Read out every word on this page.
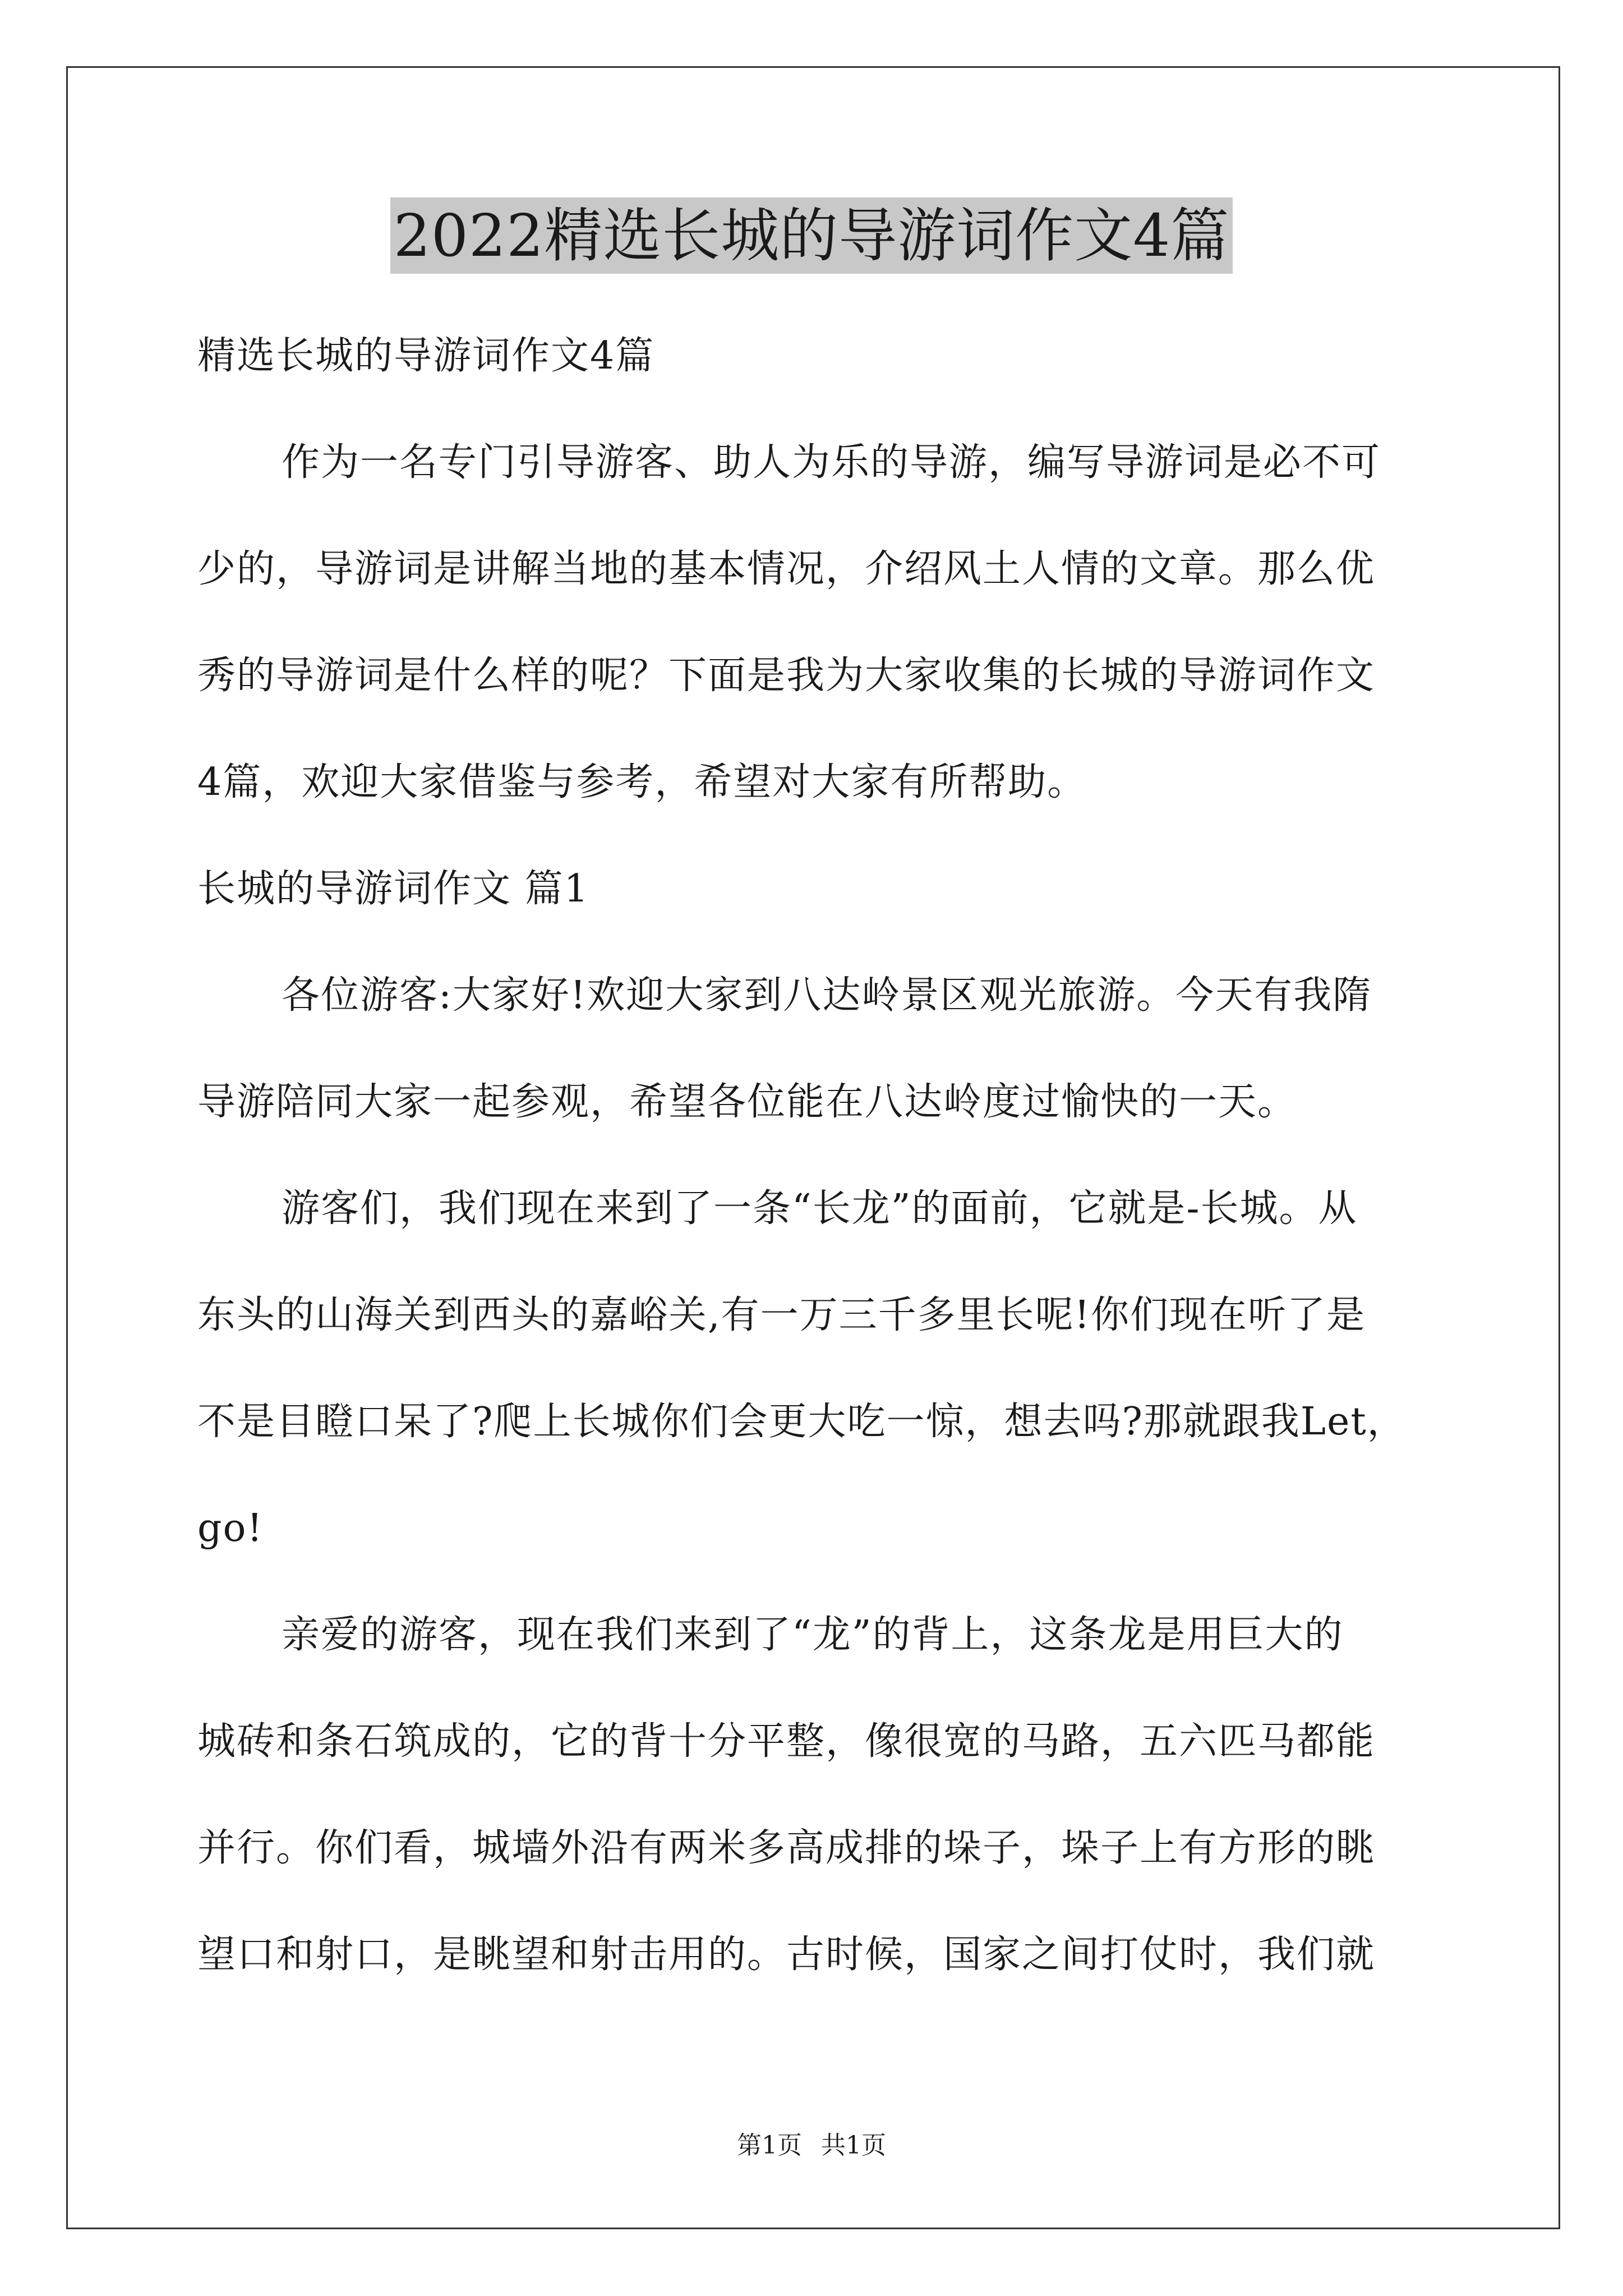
2022精选长城的导游词作文4篇
精选长城的导游词作文4篇
作为一名专门引导游客、助人为乐的导游，编写导游词是必不可
少的，导游词是讲解当地的基本情况，介绍风土人情的文章。那么优
秀的导游词是什么样的呢？下面是我为大家收集的长城的导游词作文
4篇，欢迎大家借鉴与参考，希望对大家有所帮助。
长城的导游词作文 篇1
各位游客:大家好!欢迎大家到八达岭景区观光旅游。今天有我隋
导游陪同大家一起参观，希望各位能在八达岭度过愉快的一天。
游客们，我们现在来到了一条“长龙”的面前，它就是-长城。从
东头的山海关到西头的嘉峪关,有一万三千多里长呢!你们现在听了是
不是目瞪口呆了?爬上长城你们会更大吃一惊，想去吗?那就跟我Let，
go!
亲爱的游客，现在我们来到了“龙”的背上，这条龙是用巨大的
城砖和条石筑成的，它的背十分平整，像很宽的马路，五六匹马都能
并行。你们看，城墙外沿有两米多高成排的垛子，垛子上有方形的眺
望口和射口，是眺望和射击用的。古时候，国家之间打仗时，我们就
第1页 共1页
